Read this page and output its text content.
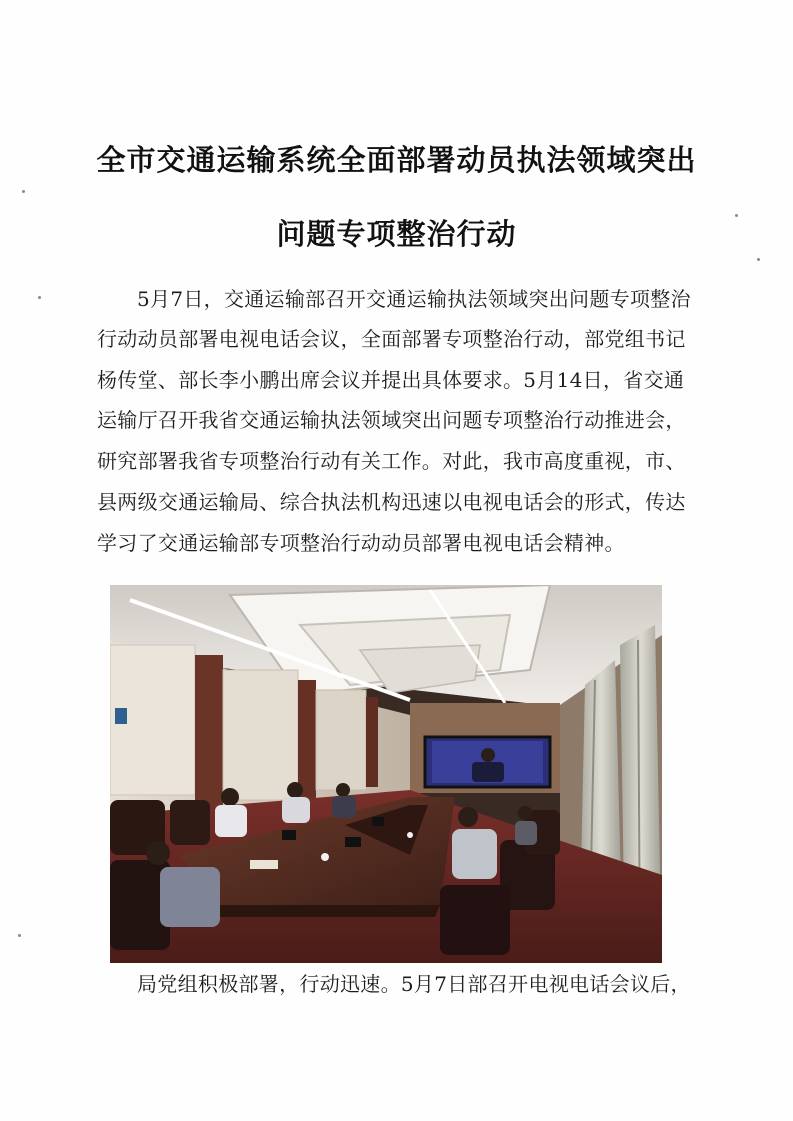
全市交通运输系统全面部署动员执法领域突出
问题专项整治行动
5月7日，交通运输部召开交通运输执法领域突出问题专项整治
行动动员部署电视电话会议，全面部署专项整治行动，部党组书记
杨传堂、部长李小鹏出席会议并提出具体要求。5月14日，省交通
运输厅召开我省交通运输执法领域突出问题专项整治行动推进会，
研究部署我省专项整治行动有关工作。对此，我市高度重视，市、
县两级交通运输局、综合执法机构迅速以电视电话会的形式，传达
学习了交通运输部专项整治行动动员部署电视电话会精神。
局党组积极部署，行动迅速。5月7日部召开电视电话会议后，
